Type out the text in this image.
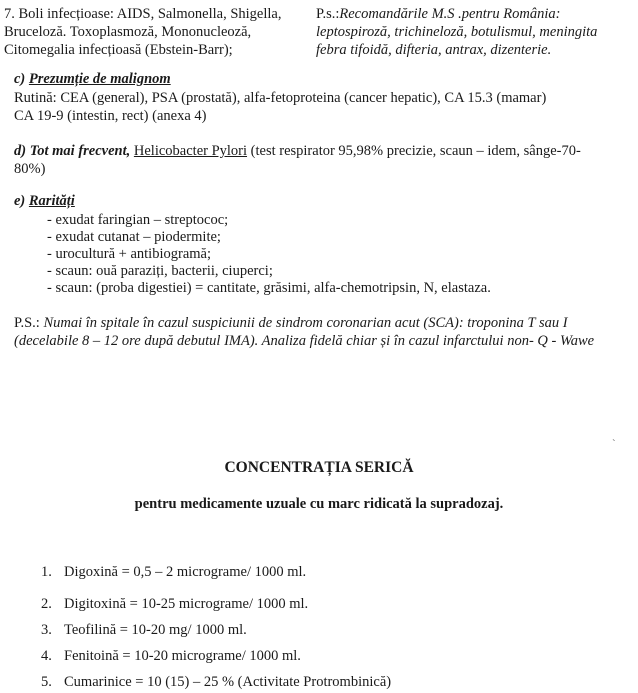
7. Boli infecțioase: AIDS, Salmonella, Shigella,
Bruceloză. Toxoplasmoză, Mononucleoză,
Citomegalia infecțioasă (Ebstein-Barr);
P.s.:Recomandările M.S .pentru România:
leptospiroză, trichineloză, botulismul, meningita
febra tifoidă, difteria, antrax, dizenterie.
c) Prezumție de malignom
Rutină: CEA (general), PSA (prostată), alfa-fetoproteina (cancer hepatic), CA 15.3 (mamar)
CA 19-9 (intestin, rect) (anexa 4)
d) Tot mai frecvent, Helicobacter Pylori (test respirator 95,98% precizie, scaun – idem, sânge-70-
80%)
e) Rarități
- exudat faringian – streptococ;
- exudat cutanat – piodermite;
- urocultură + antibiogramă;
- scaun: ouă paraziți, bacterii, ciuperci;
- scaun: (proba digestiei) = cantitate, grăsimi, alfa-chemotripsin, N, elastaza.
P.S.: Numai în spitale în cazul suspiciunii de sindrom coronarian acut (SCA): troponina T sau I
(decelabile 8 – 12 ore după debutul IMA). Analiza fidelă chiar și în cazul infarctului non- Q - Wawe
`
CONCENTRAȚIA SERICĂ
pentru medicamente uzuale cu marc ridicată la supradozaj.
1. Digoxină = 0,5 – 2 micrograme/ 1000 ml.
2. Digitoxină = 10-25 micrograme/ 1000 ml.
3. Teofilină = 10-20 mg/ 1000 ml.
4. Fenitoină = 10-20 micrograme/ 1000 ml.
5. Cumarinice = 10 (15) – 25 % (Activitate Protrombinică)
